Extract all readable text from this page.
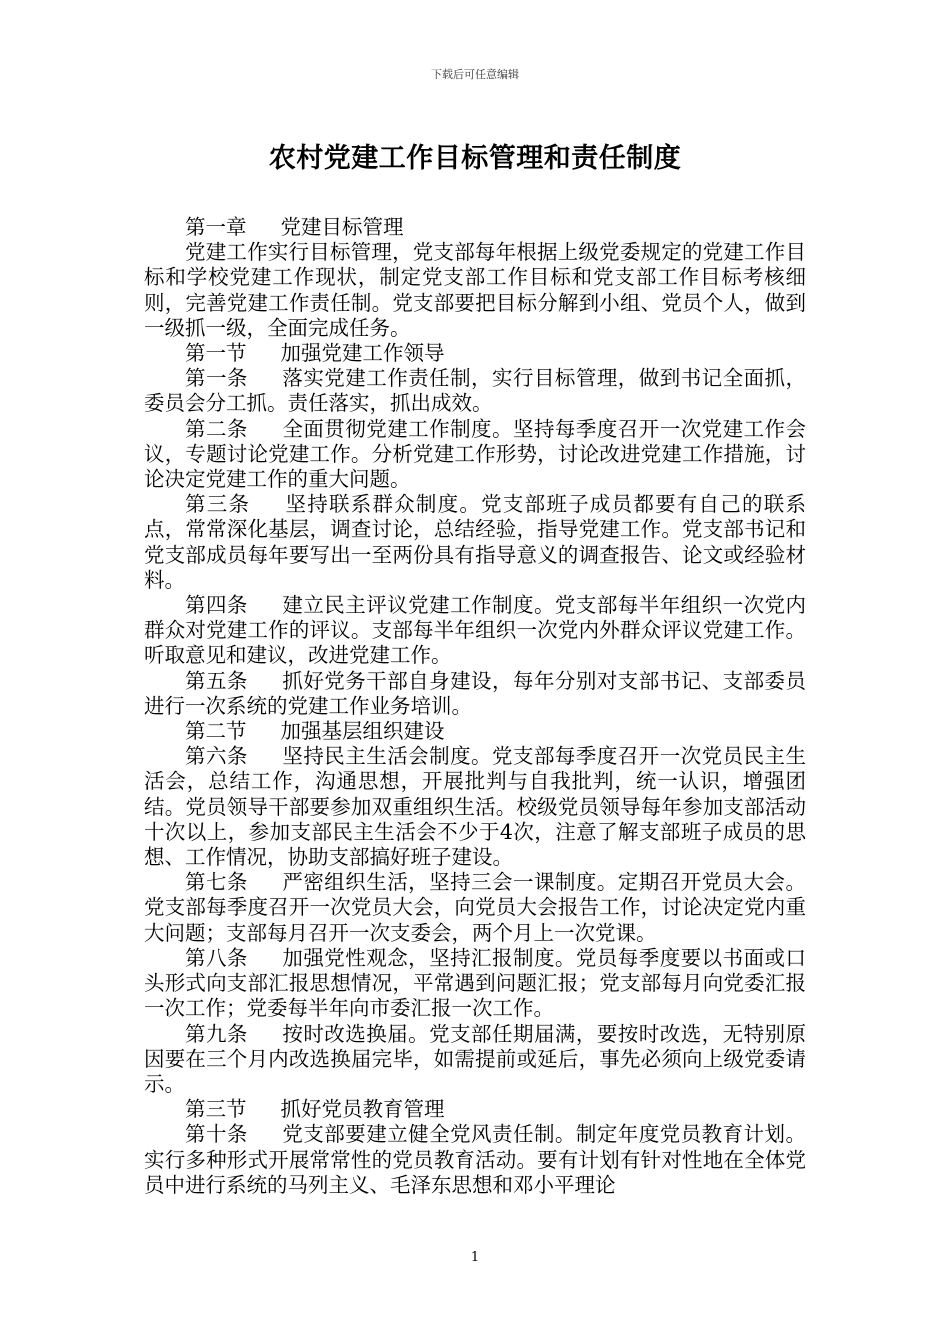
下载后可任意编辑
农村党建工作目标管理和责任制度

第一章 党建目标管理

党建工作实行目标管理，党支部每年根据上级党委规定的党建工作目标和学校党建工作现状，制定党支部工作目标和党支部工作目标考核细则，完善党建工作责任制。党支部要把目标分解到小组、党员个人，做到一级抓一级，全面完成任务。

第一节 加强党建工作领导

第一条 落实党建工作责任制，实行目标管理，做到书记全面抓，委员会分工抓。责任落实，抓出成效。

第二条 全面贯彻党建工作制度。坚持每季度召开一次党建工作会议，专题讨论党建工作。分析党建工作形势，讨论改进党建工作措施，讨论决定党建工作的重大问题。

第三条 坚持联系群众制度。党支部班子成员都要有自己的联系点，常常深化基层，调查讨论，总结经验，指导党建工作。党支部书记和党支部成员每年要写出一至两份具有指导意义的调查报告、论文或经验材料。

第四条 建立民主评议党建工作制度。党支部每半年组织一次党内群众对党建工作的评议。支部每半年组织一次党内外群众评议党建工作。听取意见和建议，改进党建工作。

第五条 抓好党务干部自身建设，每年分别对支部书记、支部委员进行一次系统的党建工作业务培训。

第二节 加强基层组织建设

第六条 坚持民主生活会制度。党支部每季度召开一次党员民主生活会，总结工作，沟通思想，开展批判与自我批判，统一认识，增强团结。党员领导干部要参加双重组织生活。校级党员领导每年参加支部活动十次以上，参加支部民主生活会不少于4次，注意了解支部班子成员的思想、工作情况，协助支部搞好班子建设。

第七条 严密组织生活，坚持三会一课制度。定期召开党员大会。党支部每季度召开一次党员大会，向党员大会报告工作，讨论决定党内重大问题；支部每月召开一次支委会，两个月上一次党课。

第八条 加强党性观念，坚持汇报制度。党员每季度要以书面或口头形式向支部汇报思想情况，平常遇到问题汇报；党支部每月向党委汇报一次工作；党委每半年向市委汇报一次工作。

第九条 按时改选换届。党支部任期届满，要按时改选，无特别原因要在三个月内改选换届完毕，如需提前或延后，事先必须向上级党委请示。

第三节 抓好党员教育管理

第十条 党支部要建立健全党风责任制。制定年度党员教育计划。实行多种形式开展常常性的党员教育活动。要有计划有针对性地在全体党员中进行系统的马列主义、毛泽东思想和邓小平理论

1
